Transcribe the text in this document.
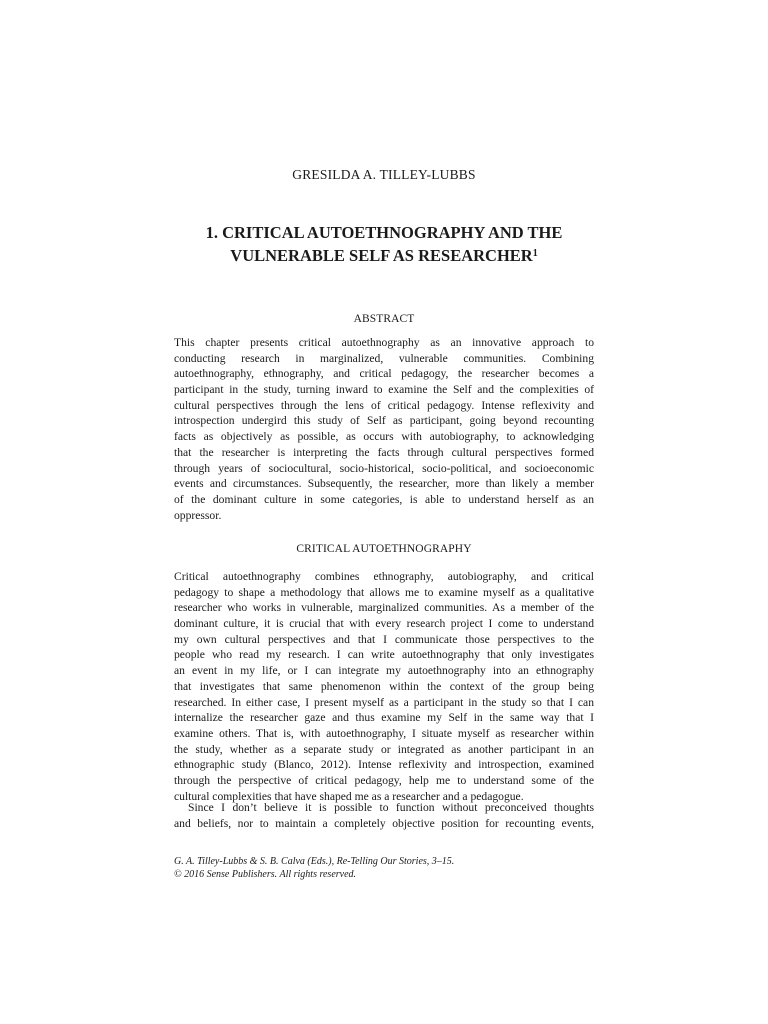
GRESILDA A. TILLEY-LUBBS
1. CRITICAL AUTOETHNOGRAPHY AND THE
VULNERABLE SELF AS RESEARCHER$^1$
ABSTRACT

This chapter presents critical autoethnography as an innovative approach to
conducting research in marginalized, vulnerable communities. Combining
autoethnography, ethnography, and critical pedagogy, the researcher becomes a
participant in the study, turning inward to examine the Self and the complexities of
cultural perspectives through the lens of critical pedagogy. Intense reflexivity and
introspection undergird this study of Self as participant, going beyond recounting
facts as objectively as possible, as occurs with autobiography, to acknowledging
that the researcher is interpreting the facts through cultural perspectives formed
through years of sociocultural, socio-historical, socio-political, and socioeconomic
events and circumstances. Subsequently, the researcher, more than likely a member
of the dominant culture in some categories, is able to understand herself as an
oppressor.

CRITICAL AUTOETHNOGRAPHY

Critical autoethnography combines ethnography, autobiography, and critical
pedagogy to shape a methodology that allows me to examine myself as a qualitative
researcher who works in vulnerable, marginalized communities. As a member of the
dominant culture, it is crucial that with every research project I come to understand
my own cultural perspectives and that I communicate those perspectives to the
people who read my research. I can write autoethnography that only investigates
an event in my life, or I can integrate my autoethnography into an ethnography
that investigates that same phenomenon within the context of the group being
researched. In either case, I present myself as a participant in the study so that I can
internalize the researcher gaze and thus examine my Self in the same way that I
examine others. That is, with autoethnography, I situate myself as researcher within
the study, whether as a separate study or integrated as another participant in an
ethnographic study (Blanco, 2012). Intense reflexivity and introspection, examined
through the perspective of critical pedagogy, help me to understand some of the
cultural complexities that have shaped me as a researcher and a pedagogue.

Since I don’t believe it is possible to function without preconceived thoughts
and beliefs, nor to maintain a completely objective position for recounting events,

G. A. Tilley-Lubbs & S. B. Calva (Eds.), Re-Telling Our Stories, 3–15.
© 2016 Sense Publishers. All rights reserved.
